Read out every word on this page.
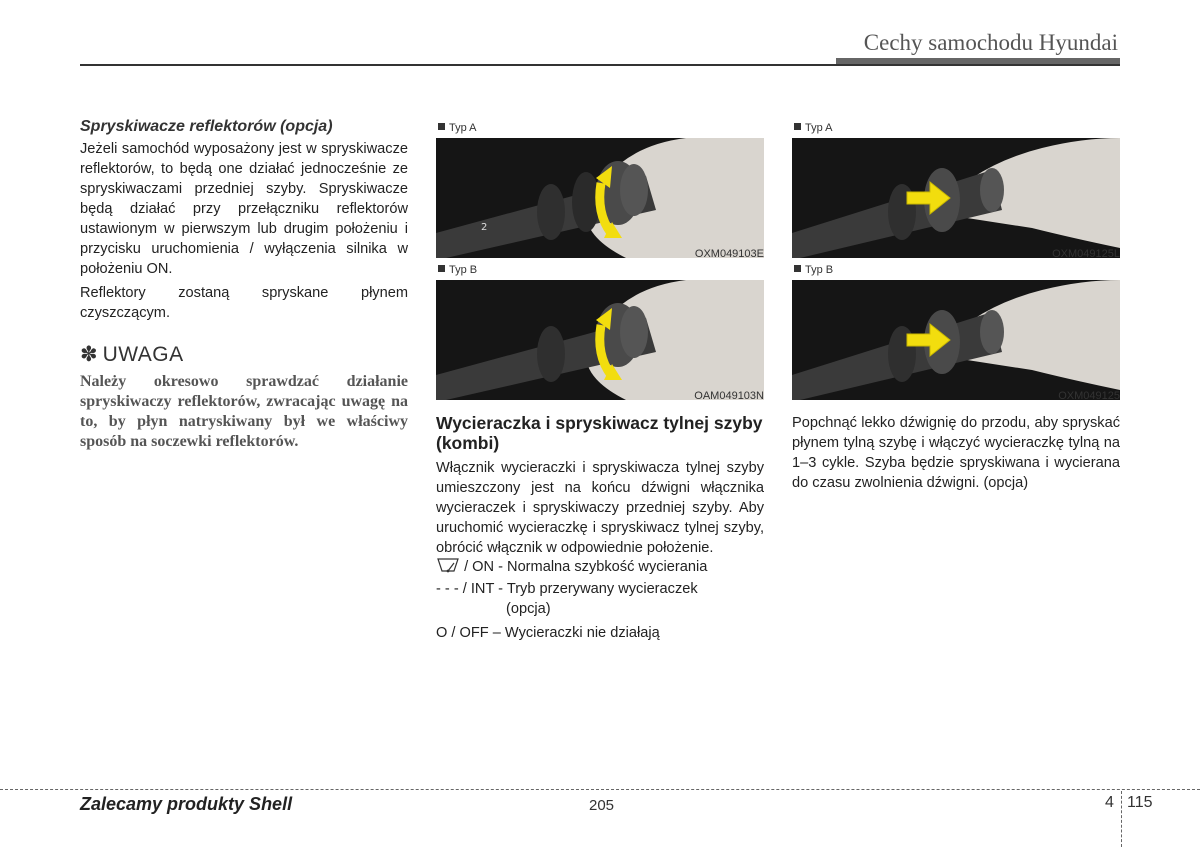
Cechy samochodu Hyundai
Spryskiwacze reflektorów (opcja)
Jeżeli samochód wyposażony jest w spryskiwacze reflektorów, to będą one działać jednocześnie ze spryskiwaczami przedniej szyby. Spryskiwacze będą działać przy przełączniku reflektorów ustawionym w pierwszym lub drugim położeniu i przycisku uruchomienia / wyłączenia silnika w położeniu ON.
Reflektory zostaną spryskane płynem czyszczącym.
✽ UWAGA
Należy okresowo sprawdzać działanie spryskiwaczy reflektorów, zwracając uwagę na to, by płyn natryskiwany był we właściwy sposób na soczewki reflektorów.
Typ A
2
OXM049103E
Typ B
OAM049103N
Wycieraczka i spryskiwacz tylnej szyby (kombi)
Włącznik wycieraczki i spryskiwacza tylnej szyby umieszczony jest na końcu dźwigni włącznika wycieraczek i spryskiwaczy przedniej szyby. Aby uruchomić wycieraczkę i spryskiwacz tylnej szyby, obrócić włącznik w odpowiednie położenie.
/ ON - Normalna szybkość wycierania
- - - / INT - Tryb przerywany wycieraczek
(opcja)
O / OFF – Wycieraczki nie działają
Typ A
OXM049125L
Typ B
OXM049125
Popchnąć lekko dźwignię do przodu, aby spryskać płynem tylną szybę i włączyć wycieraczkę tylną na 1–3 cykle. Szyba będzie spryskiwana i wycierana do czasu zwolnienia dźwigni. (opcja)
Zalecamy produkty Shell	205	4 115
